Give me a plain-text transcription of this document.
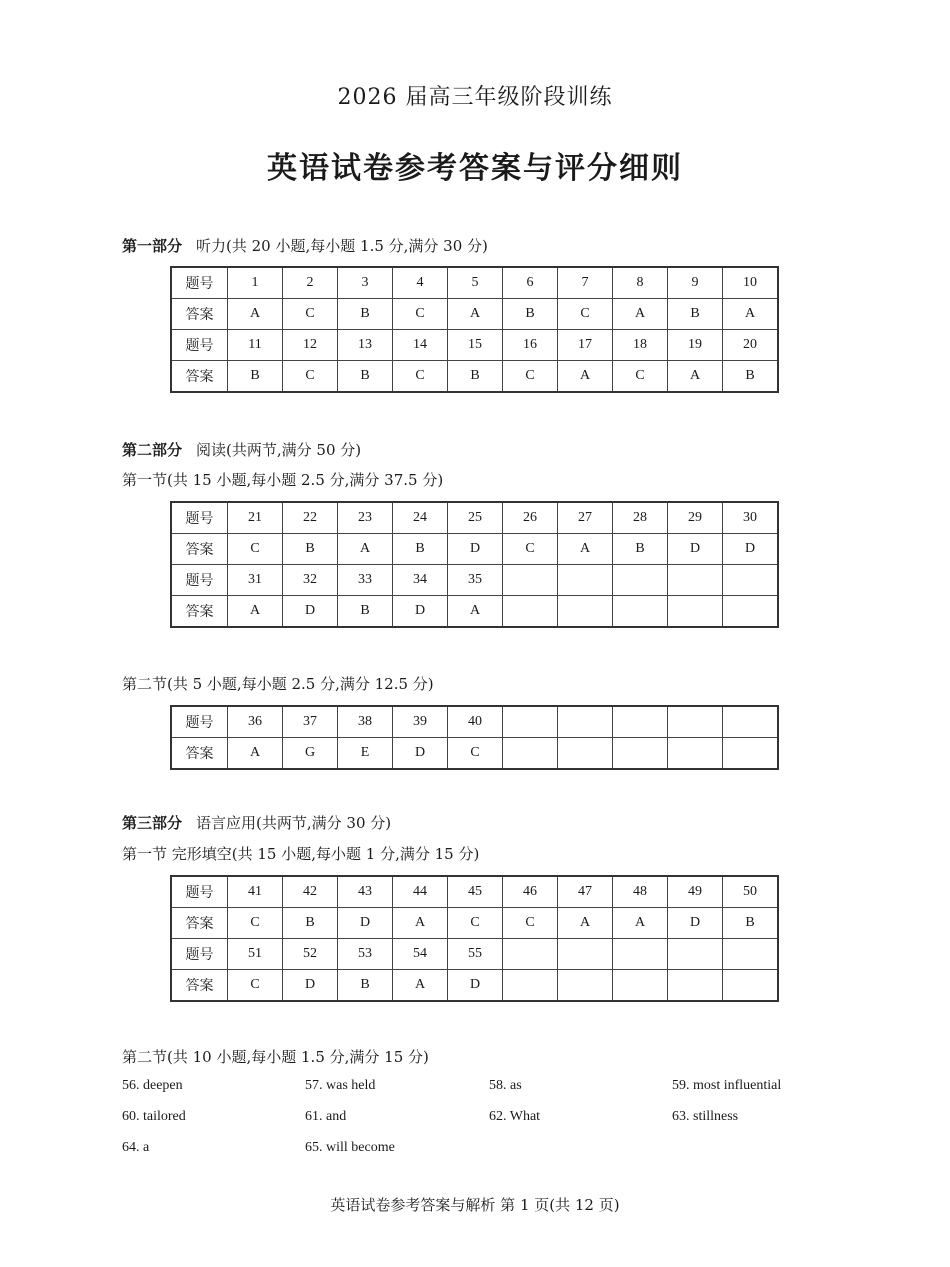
2026 届高三年级阶段训练
英语试卷参考答案与评分细则
第一部分 听力(共 20 小题,每小题 1.5 分,满分 30 分)
题号	1	2	3	4	5	6	7	8	9	10
答案	A	C	B	C	A	B	C	A	B	A
题号	11	12	13	14	15	16	17	18	19	20
答案	B	C	B	C	B	C	A	C	A	B
第二部分 阅读(共两节,满分 50 分)
第一节(共 15 小题,每小题 2.5 分,满分 37.5 分)
题号	21	22	23	24	25	26	27	28	29	30
答案	C	B	A	B	D	C	A	B	D	D
题号	31	32	33	34	35					
答案	A	D	B	D	A					
第二节(共 5 小题,每小题 2.5 分,满分 12.5 分)
题号	36	37	38	39	40					
答案	A	G	E	D	C					
第三部分 语言应用(共两节,满分 30 分)
第一节 完形填空(共 15 小题,每小题 1 分,满分 15 分)
题号	41	42	43	44	45	46	47	48	49	50
答案	C	B	D	A	C	C	A	A	D	B
题号	51	52	53	54	55					
答案	C	D	B	A	D					
第二节(共 10 小题,每小题 1.5 分,满分 15 分)
56. deepen	57. was held	58. as	59. most influential
60. tailored	61. and	62. What	63. stillness
64. a	65. will become
英语试卷参考答案与解析 第 1 页(共 12 页)
